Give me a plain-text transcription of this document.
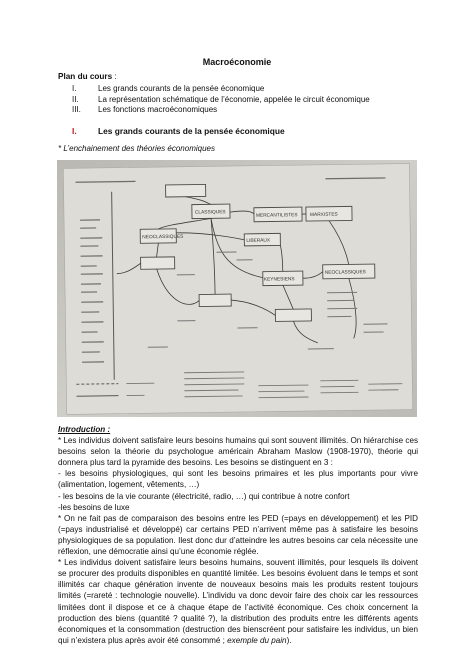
Macroéconomie
Plan du cours :
I.	Les grands courants de la pensée économique
II.	La représentation schématique de l’économie, appelée le circuit économique
III.	Les fonctions macroéconomiques
I.	Les grands courants de la pensée économique
* L’enchainement des théories économiques
CLASSIQUES
MERCANTILISTES	MARXISTES
KEYNESIENS
NEOCLASSIQUES
NEOCLASSIQUES
LIBERAUX

Introduction :

* Les individus doivent satisfaire leurs besoins humains qui sont souvent illimités. On hiérarchise ces besoins selon la théorie du psychologue américain Abraham Maslow (1908-1970), théorie qui donnera plus tard la pyramide des besoins. Les besoins se distinguent en 3 :

- les besoins physiologiques, qui sont les besoins primaires et les plus importants pour vivre (alimentation, logement, vêtements, …)

- les besoins de la vie courante (électricité, radio, …) qui contribue à notre confort

-les besoins de luxe

* On ne fait pas de comparaison des besoins entre les PED (=pays en développement) et les PID (=pays industrialisé et développé) car certains PED n’arrivent même pas à satisfaire les besoins physiologiques de sa population. Ilest donc dur d’atteindre les autres besoins car cela nécessite une réflexion, une démocratie ainsi qu’une économie réglée.

* Les individus doivent satisfaire leurs besoins humains, souvent illimités, pour lesquels ils doivent se procurer des produits disponibles en quantité limitée. Les besoins évoluent dans le temps et sont illimités car chaque génération invente de nouveaux besoins mais les produits restent toujours limités (=rareté : technologie nouvelle). L’individu va donc devoir faire des choix car les ressources limitées dont il dispose et ce à chaque étape de l’activité économique. Ces choix concernent la production des biens (quantité ? qualité ?), la distribution des produits entre les différents agents économiques et la consommation (destruction des bienscréent pour satisfaire les individus, un bien qui n’existera plus après avoir été consommé ; exemple du pain).
